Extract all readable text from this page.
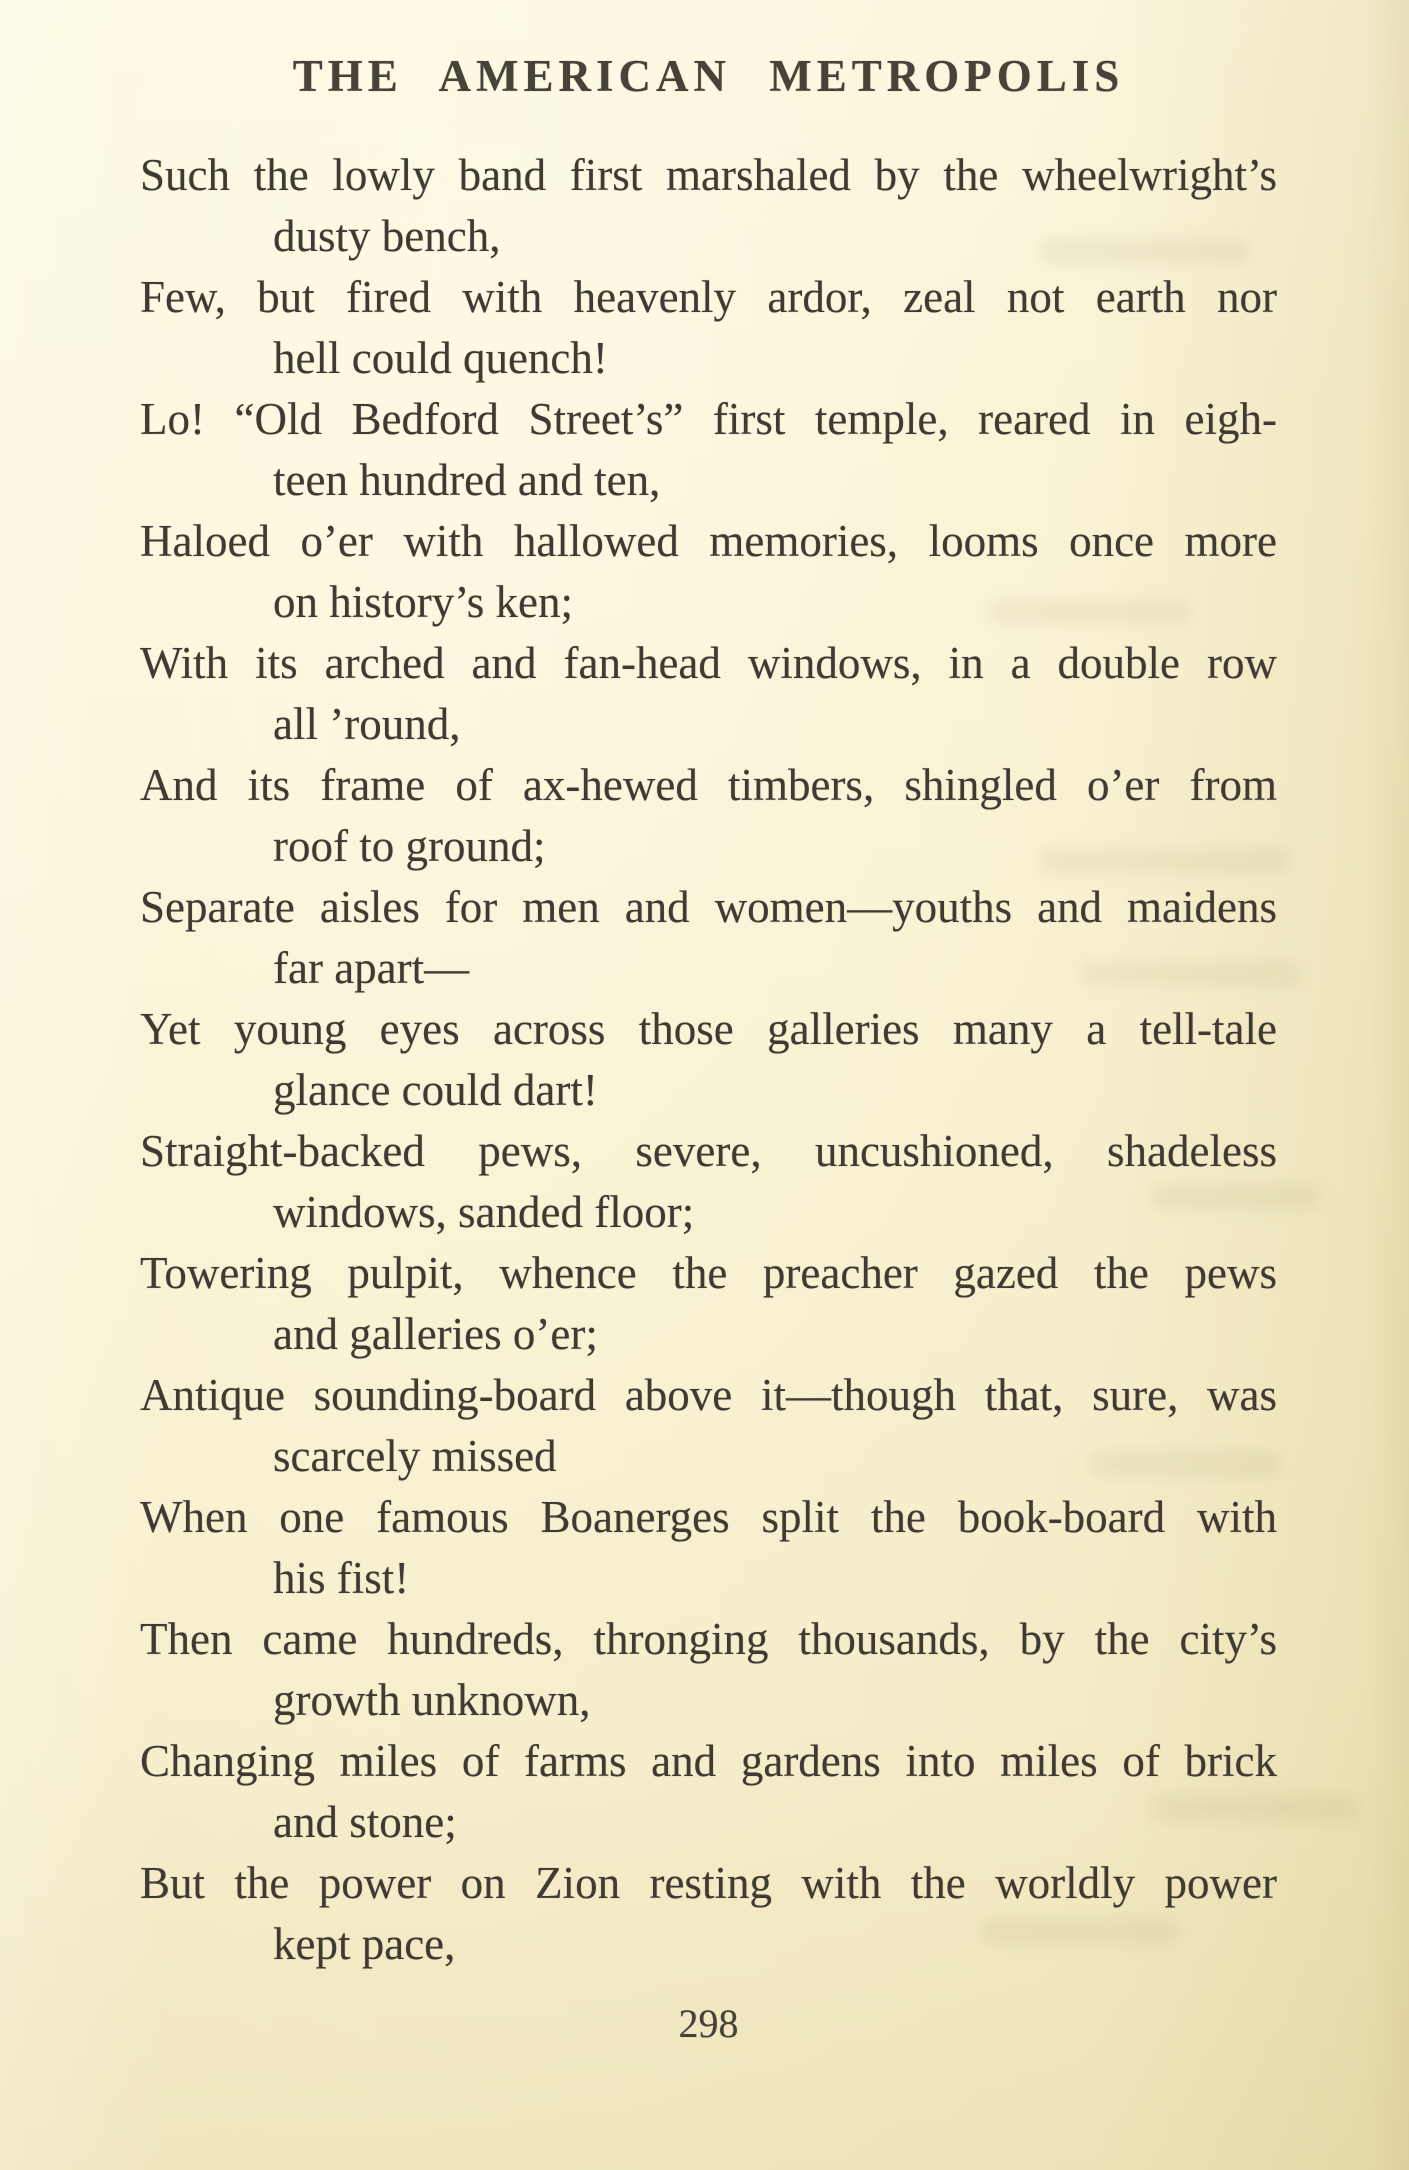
THE AMERICAN METROPOLIS
Such the lowly band first marshaled by the wheelwright’s
dusty bench,
Few, but fired with heavenly ardor, zeal not earth nor
hell could quench!
Lo! “Old Bedford Street’s” first temple, reared in eigh-
teen hundred and ten,
Haloed o’er with hallowed memories, looms once more
on history’s ken;
With its arched and fan-head windows, in a double row
all ’round,
And its frame of ax-hewed timbers, shingled o’er from
roof to ground;
Separate aisles for men and women—youths and maidens
far apart—
Yet young eyes across those galleries many a tell-tale
glance could dart!
Straight-backed pews, severe, uncushioned, shadeless
windows, sanded floor;
Towering pulpit, whence the preacher gazed the pews
and galleries o’er;
Antique sounding-board above it—though that, sure, was
scarcely missed
When one famous Boanerges split the book-board with
his fist!
Then came hundreds, thronging thousands, by the city’s
growth unknown,
Changing miles of farms and gardens into miles of brick
and stone;
But the power on Zion resting with the worldly power
kept pace,
298
